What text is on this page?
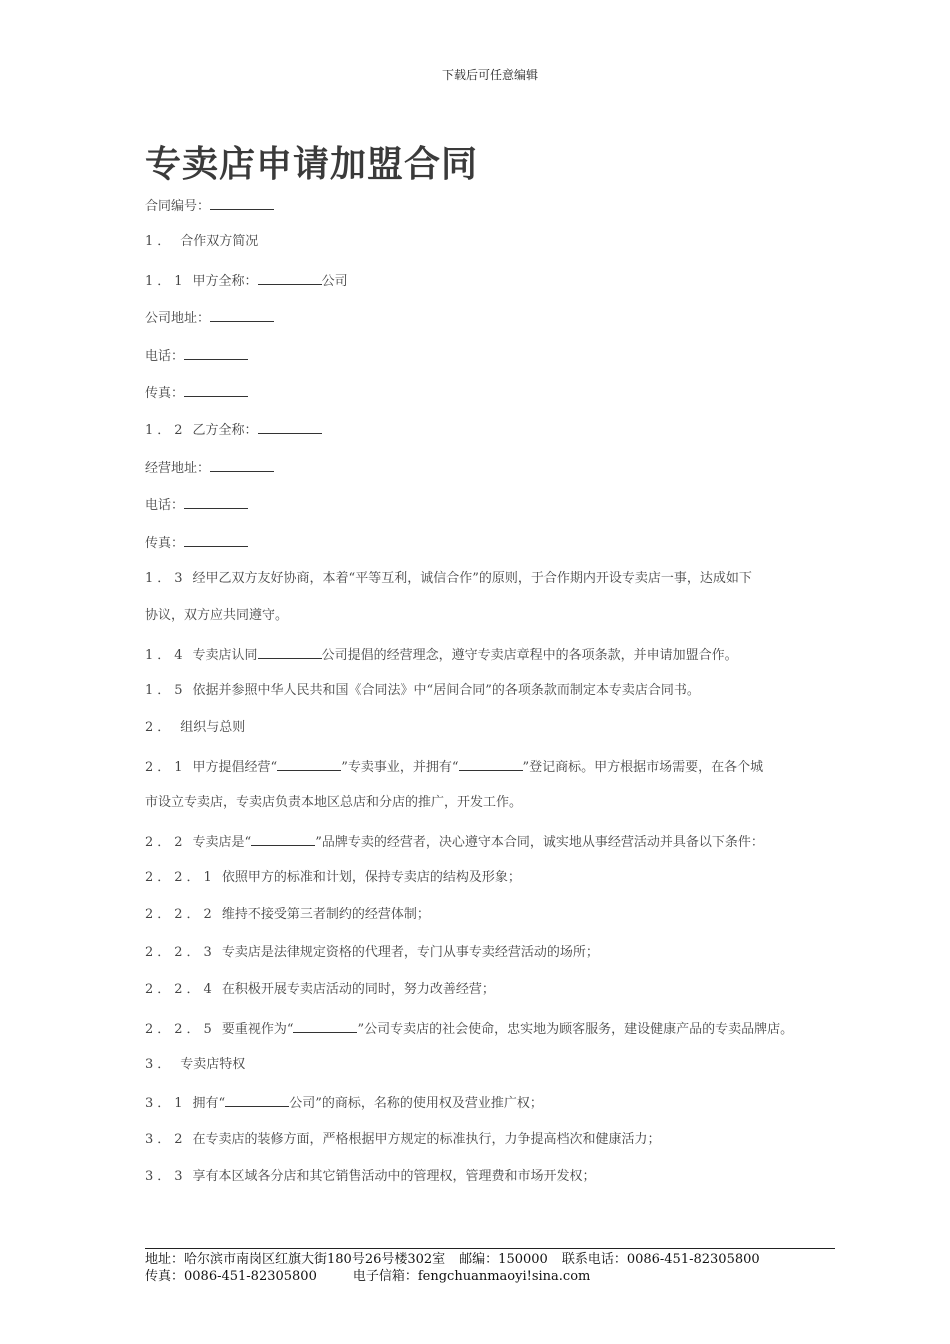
下载后可任意编辑
专卖店申请加盟合同
合同编号：
1． 合作双方简况
1．1 甲方全称：	公司
公司地址：
电话：
传真：
1．2 乙方全称：
经营地址：
电话：
传真：
1．3 经甲乙双方友好协商，本着“平等互利，诚信合作”的原则，于合作期内开设专卖店一事，达成如下
协议，双方应共同遵守。
1．4 专卖店认同	公司提倡的经营理念，遵守专卖店章程中的各项条款，并申请加盟合作。
1．5 依据并参照中华人民共和国《合同法》中“居间合同”的各项条款而制定本专卖店合同书。
2． 组织与总则
2．1 甲方提倡经营“	”专卖事业，并拥有“	”登记商标。甲方根据市场需要，在各个城
市设立专卖店，专卖店负责本地区总店和分店的推广，开发工作。
2．2 专卖店是“	”品牌专卖的经营者，决心遵守本合同，诚实地从事经营活动并具备以下条件：
2．2．1 依照甲方的标准和计划，保持专卖店的结构及形象；
2．2．2 维持不接受第三者制约的经营体制；
2．2．3 专卖店是法律规定资格的代理者，专门从事专卖经营活动的场所；
2．2．4 在积极开展专卖店活动的同时，努力改善经营；
2．2．5 要重视作为“	”公司专卖店的社会使命，忠实地为顾客服务，建设健康产品的专卖品牌店。
3． 专卖店特权
3．1 拥有“	公司”的商标，名称的使用权及营业推广权；
3．2 在专卖店的装修方面，严格根据甲方规定的标准执行，力争提高档次和健康活力；
3．3 享有本区域各分店和其它销售活动中的管理权，管理费和市场开发权；
地址：哈尔滨市南岗区红旗大街180号26号楼302室 邮编：150000 联系电话：0086-451-82305800
传真：0086-451-82305800	电子信箱：fengchuanmaoyi!sina.com
